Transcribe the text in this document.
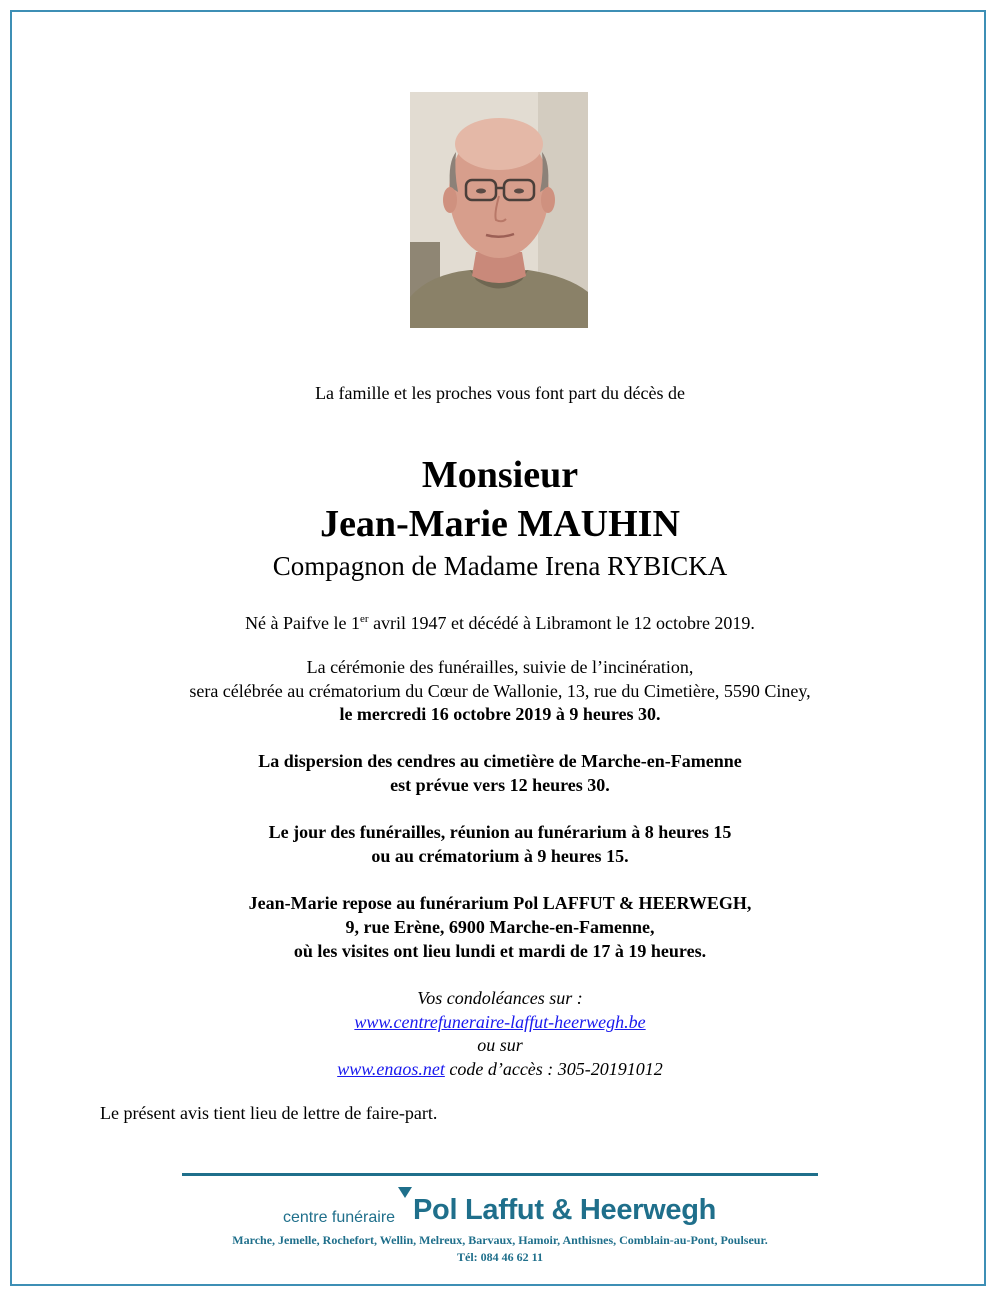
La famille et les proches vous font part du décès de
Monsieur
Jean-Marie MAUHIN
Compagnon de Madame Irena RYBICKA
Né à Paifve le 1er avril 1947 et décédé à Libramont le 12 octobre 2019.
La cérémonie des funérailles, suivie de l’incinération,
sera célébrée au crématorium du Cœur de Wallonie, 13, rue du Cimetière, 5590 Ciney,
le mercredi 16 octobre 2019 à 9 heures 30.
La dispersion des cendres au cimetière de Marche-en-Famenne
est prévue vers 12 heures 30.
Le jour des funérailles, réunion au funérarium à 8 heures 15
ou au crématorium à 9 heures 15.
Jean-Marie repose au funérarium Pol LAFFUT & HEERWEGH,
9, rue Erène, 6900 Marche-en-Famenne,
où les visites ont lieu lundi et mardi de 17 à 19 heures.
Vos condoléances sur :
www.centrefuneraire-laffut-heerwegh.be
ou sur
www.enaos.net code d’accès : 305-20191012
Le présent avis tient lieu de lettre de faire-part.
centre funéraire Pol Laffut & Heerwegh
Marche, Jemelle, Rochefort, Wellin, Melreux, Barvaux, Hamoir, Anthisnes, Comblain-au-Pont, Poulseur.
Tél: 084 46 62 11
